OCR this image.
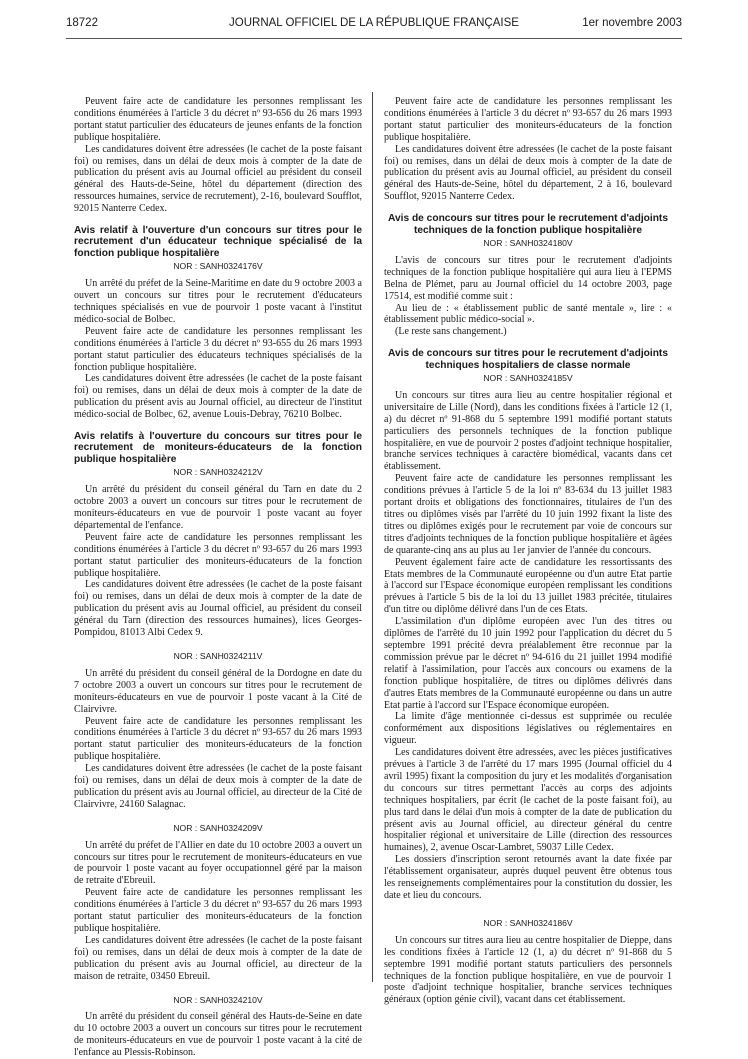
18722	JOURNAL OFFICIEL DE LA RÉPUBLIQUE FRANÇAISE	1er novembre 2003

Peuvent faire acte de candidature les personnes remplissant les conditions énumérées à l'article 3 du décret nº 93-656 du 26 mars 1993 portant statut particulier des éducateurs de jeunes enfants de la fonction publique hospitalière.

Les candidatures doivent être adressées (le cachet de la poste faisant foi) ou remises, dans un délai de deux mois à compter de la date de publication du présent avis au Journal officiel au président du conseil général des Hauts-de-Seine, hôtel du département (direction des ressources humaines, service de recrutement), 2-16, boulevard Soufflot, 92015 Nanterre Cedex.

Avis relatif à l'ouverture d'un concours sur titres pour le recrutement d'un éducateur technique spécialisé de la fonction publique hospitalière
NOR : SANH0324176V

Un arrêté du préfet de la Seine-Maritime en date du 9 octobre 2003 a ouvert un concours sur titres pour le recrutement d'éducateurs techniques spécialisés en vue de pourvoir 1 poste vacant à l'institut médico-social de Bolbec.

Peuvent faire acte de candidature les personnes remplissant les conditions énumérées à l'article 3 du décret nº 93-655 du 26 mars 1993 portant statut particulier des éducateurs techniques spécialisés de la fonction publique hospitalière.

Les candidatures doivent être adressées (le cachet de la poste faisant foi) ou remises, dans un délai de deux mois à compter de la date de publication du présent avis au Journal officiel, au directeur de l'institut médico-social de Bolbec, 62, avenue Louis-Debray, 76210 Bolbec.

Avis relatifs à l'ouverture du concours sur titres pour le recrutement de moniteurs-éducateurs de la fonction publique hospitalière
NOR : SANH0324212V

Un arrêté du président du conseil général du Tarn en date du 2 octobre 2003 a ouvert un concours sur titres pour le recrutement de moniteurs-éducateurs en vue de pourvoir 1 poste vacant au foyer départemental de l'enfance.

Peuvent faire acte de candidature les personnes remplissant les conditions énumérées à l'article 3 du décret nº 93-657 du 26 mars 1993 portant statut particulier des moniteurs-éducateurs de la fonction publique hospitalière.

Les candidatures doivent être adressées (le cachet de la poste faisant foi) ou remises, dans un délai de deux mois à compter de la date de publication du présent avis au Journal officiel, au président du conseil général du Tarn (direction des ressources humaines), lices Georges-Pompidou, 81013 Albi Cedex 9.

NOR : SANH0324211V

Un arrêté du président du conseil général de la Dordogne en date du 7 octobre 2003 a ouvert un concours sur titres pour le recrutement de moniteurs-éducateurs en vue de pourvoir 1 poste vacant à la Cité de Clairvivre.

Peuvent faire acte de candidature les personnes remplissant les conditions énumérées à l'article 3 du décret nº 93-657 du 26 mars 1993 portant statut particulier des moniteurs-éducateurs de la fonction publique hospitalière.

Les candidatures doivent être adressées (le cachet de la poste faisant foi) ou remises, dans un délai de deux mois à compter de la date de publication du présent avis au Journal officiel, au directeur de la Cité de Clairvivre, 24160 Salagnac.

NOR : SANH0324209V

Un arrêté du préfet de l'Allier en date du 10 octobre 2003 a ouvert un concours sur titres pour le recrutement de moniteurs-éducateurs en vue de pourvoir 1 poste vacant au foyer occupationnel géré par la maison de retraite d'Ebreuil.

Peuvent faire acte de candidature les personnes remplissant les conditions énumérées à l'article 3 du décret nº 93-657 du 26 mars 1993 portant statut particulier des moniteurs-éducateurs de la fonction publique hospitalière.

Les candidatures doivent être adressées (le cachet de la poste faisant foi) ou remises, dans un délai de deux mois à compter de la date de publication du présent avis au Journal officiel, au directeur de la maison de retraite, 03450 Ebreuil.

NOR : SANH0324210V

Un arrêté du président du conseil général des Hauts-de-Seine en date du 10 octobre 2003 a ouvert un concours sur titres pour le recrutement de moniteurs-éducateurs en vue de pourvoir 1 poste vacant à la cité de l'enfance au Plessis-Robinson.

Peuvent faire acte de candidature les personnes remplissant les conditions énumérées à l'article 3 du décret nº 93-657 du 26 mars 1993 portant statut particulier des moniteurs-éducateurs de la fonction publique hospitalière.

Les candidatures doivent être adressées (le cachet de la poste faisant foi) ou remises, dans un délai de deux mois à compter de la date de publication du présent avis au Journal officiel, au président du conseil général des Hauts-de-Seine, hôtel du département, 2 à 16, boulevard Soufflot, 92015 Nanterre Cedex.

Avis de concours sur titres pour le recrutement d'adjoints techniques de la fonction publique hospitalière
NOR : SANH0324180V

L'avis de concours sur titres pour le recrutement d'adjoints techniques de la fonction publique hospitalière qui aura lieu à l'EPMS Belna de Plémet, paru au Journal officiel du 14 octobre 2003, page 17514, est modifié comme suit :

Au lieu de : « établissement public de santé mentale », lire : « établissement public médico-social ».

(Le reste sans changement.)

Avis de concours sur titres pour le recrutement d'adjoints techniques hospitaliers de classe normale
NOR : SANH0324185V

Un concours sur titres aura lieu au centre hospitalier régional et universitaire de Lille (Nord), dans les conditions fixées à l'article 12 (1, a) du décret nº 91-868 du 5 septembre 1991 modifié portant statuts particuliers des personnels techniques de la fonction publique hospitalière, en vue de pourvoir 2 postes d'adjoint technique hospitalier, branche services techniques à caractère biomédical, vacants dans cet établissement.

Peuvent faire acte de candidature les personnes remplissant les conditions prévues à l'article 5 de la loi nº 83-634 du 13 juillet 1983 portant droits et obligations des fonctionnaires, titulaires de l'un des titres ou diplômes visés par l'arrêté du 10 juin 1992 fixant la liste des titres ou diplômes exigés pour le recrutement par voie de concours sur titres d'adjoints techniques de la fonction publique hospitalière et âgées de quarante-cinq ans au plus au 1er janvier de l'année du concours.

Peuvent également faire acte de candidature les ressortissants des Etats membres de la Communauté européenne ou d'un autre Etat partie à l'accord sur l'Espace économique européen remplissant les conditions prévues à l'article 5 bis de la loi du 13 juillet 1983 précitée, titulaires d'un titre ou diplôme délivré dans l'un de ces Etats.

L'assimilation d'un diplôme européen avec l'un des titres ou diplômes de l'arrêté du 10 juin 1992 pour l'application du décret du 5 septembre 1991 précité devra préalablement être reconnue par la commission prévue par le décret nº 94-616 du 21 juillet 1994 modifié relatif à l'assimilation, pour l'accès aux concours ou examens de la fonction publique hospitalière, de titres ou diplômes délivrés dans d'autres Etats membres de la Communauté européenne ou dans un autre Etat partie à l'accord sur l'Espace économique européen.

La limite d'âge mentionnée ci-dessus est supprimée ou reculée conformément aux dispositions législatives ou réglementaires en vigueur.

Les candidatures doivent être adressées, avec les pièces justificatives prévues à l'article 3 de l'arrêté du 17 mars 1995 (Journal officiel du 4 avril 1995) fixant la composition du jury et les modalités d'organisation du concours sur titres permettant l'accès au corps des adjoints techniques hospitaliers, par écrit (le cachet de la poste faisant foi), au plus tard dans le délai d'un mois à compter de la date de publication du présent avis au Journal officiel, au directeur général du centre hospitalier régional et universitaire de Lille (direction des ressources humaines), 2, avenue Oscar-Lambret, 59037 Lille Cedex.

Les dossiers d'inscription seront retournés avant la date fixée par l'établissement organisateur, auprès duquel peuvent être obtenus tous les renseignements complémentaires pour la constitution du dossier, les date et lieu du concours.

NOR : SANH0324186V

Un concours sur titres aura lieu au centre hospitalier de Dieppe, dans les conditions fixées à l'article 12 (1, a) du décret nº 91-868 du 5 septembre 1991 modifié portant statuts particuliers des personnels techniques de la fonction publique hospitalière, en vue de pourvoir 1 poste d'adjoint technique hospitalier, branche services techniques généraux (option génie civil), vacant dans cet établissement.
